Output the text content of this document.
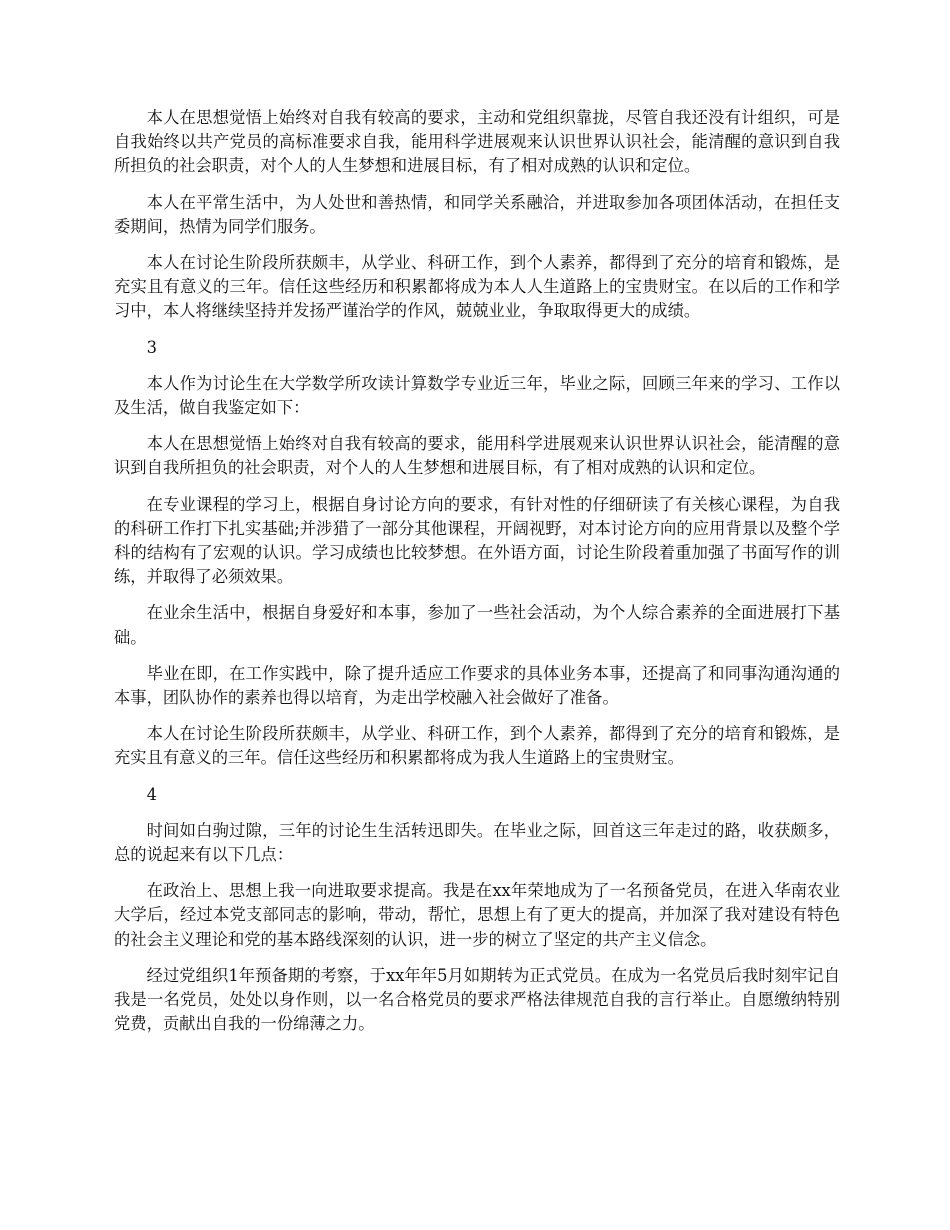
本人在思想觉悟上始终对自我有较高的要求，主动和党组织靠拢，尽管自我还没有计组织，可是自我始终以共产党员的高标准要求自我，能用科学进展观来认识世界认识社会，能清醒的意识到自我所担负的社会职责，对个人的人生梦想和进展目标，有了相对成熟的认识和定位。

本人在平常生活中，为人处世和善热情，和同学关系融洽，并进取参加各项团体活动，在担任支委期间，热情为同学们服务。

本人在讨论生阶段所获颇丰，从学业、科研工作，到个人素养，都得到了充分的培育和锻炼，是充实且有意义的三年。信任这些经历和积累都将成为本人人生道路上的宝贵财宝。在以后的工作和学习中，本人将继续坚持并发扬严谨治学的作风，兢兢业业，争取取得更大的成绩。

3

本人作为讨论生在大学数学所攻读计算数学专业近三年，毕业之际，回顾三年来的学习、工作以及生活，做自我鉴定如下：

本人在思想觉悟上始终对自我有较高的要求，能用科学进展观来认识世界认识社会，能清醒的意识到自我所担负的社会职责，对个人的人生梦想和进展目标，有了相对成熟的认识和定位。

在专业课程的学习上，根据自身讨论方向的要求，有针对性的仔细研读了有关核心课程，为自我的科研工作打下扎实基础;并涉猎了一部分其他课程，开阔视野，对本讨论方向的应用背景以及整个学科的结构有了宏观的认识。学习成绩也比较梦想。在外语方面，讨论生阶段着重加强了书面写作的训练，并取得了必须效果。

在业余生活中，根据自身爱好和本事，参加了一些社会活动，为个人综合素养的全面进展打下基础。

毕业在即，在工作实践中，除了提升适应工作要求的具体业务本事，还提高了和同事沟通沟通的本事，团队协作的素养也得以培育，为走出学校融入社会做好了准备。

本人在讨论生阶段所获颇丰，从学业、科研工作，到个人素养，都得到了充分的培育和锻炼，是充实且有意义的三年。信任这些经历和积累都将成为我人生道路上的宝贵财宝。

4

时间如白驹过隙，三年的讨论生生活转迅即失。在毕业之际，回首这三年走过的路，收获颇多，总的说起来有以下几点：

在政治上、思想上我一向进取要求提高。我是在xx年荣地成为了一名预备党员，在进入华南农业大学后，经过本党支部同志的影响，带动，帮忙，思想上有了更大的提高，并加深了我对建设有特色的社会主义理论和党的基本路线深刻的认识，进一步的树立了坚定的共产主义信念。

经过党组织1年预备期的考察，于xx年年5月如期转为正式党员。在成为一名党员后我时刻牢记自我是一名党员，处处以身作则，以一名合格党员的要求严格法律规范自我的言行举止。自愿缴纳特别党费，贡献出自我的一份绵薄之力。
